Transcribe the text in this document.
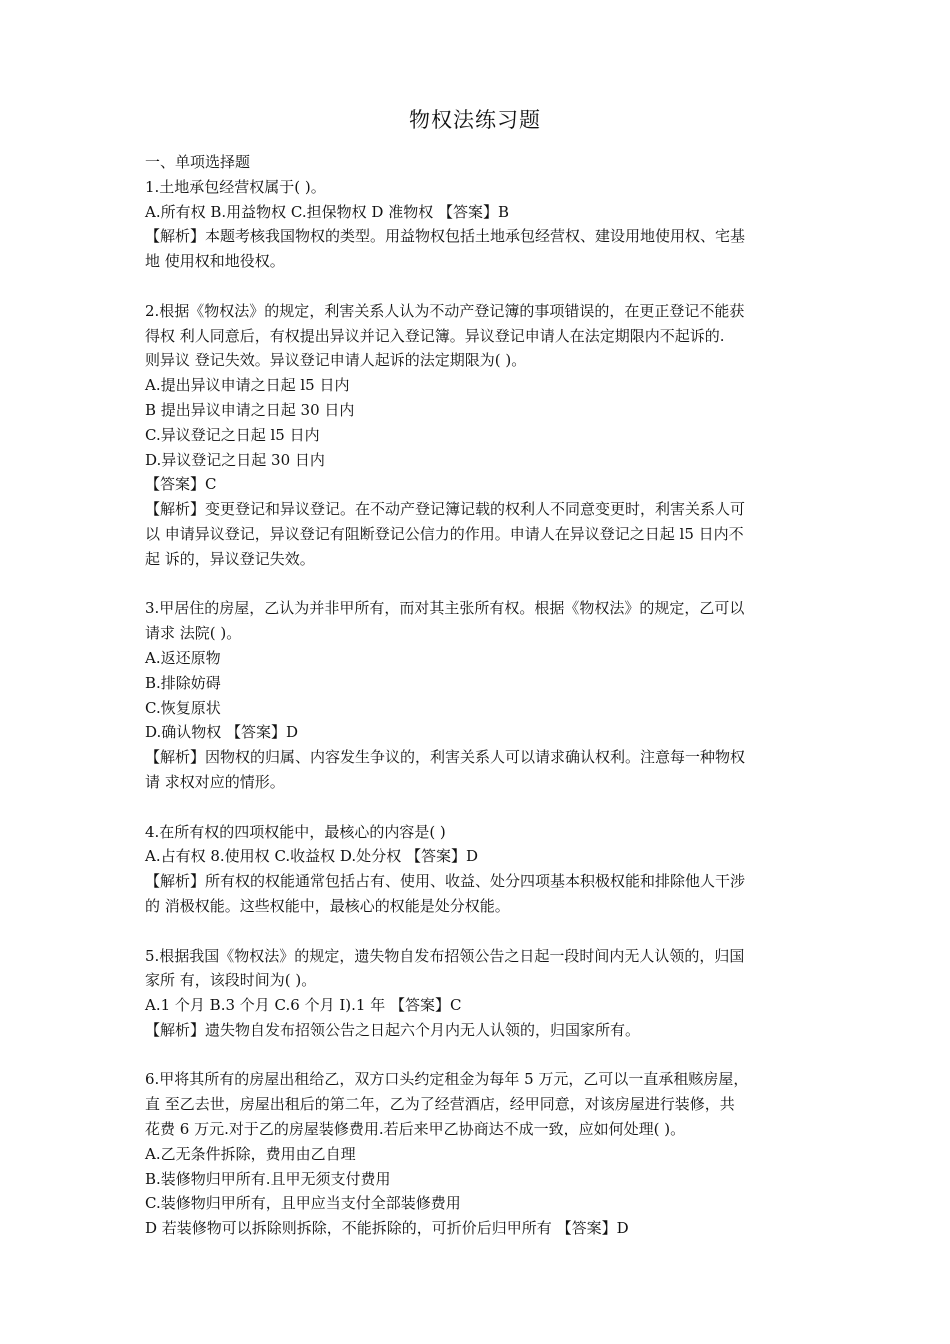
物权法练习题
一、单项选择题
1.土地承包经营权属于( )。
A.所有权 B.用益物权 C.担保物权 D 准物权 【答案】B
【解析】本题考核我国物权的类型。用益物权包括土地承包经营权、建设用地使用权、宅基
地 使用权和地役权。
2.根据《物权法》的规定，利害关系人认为不动产登记簿的事项错误的，在更正登记不能获
得权 利人同意后，有权提出异议并记入登记簿。异议登记申请人在法定期限内不起诉的.
则异议 登记失效。异议登记申请人起诉的法定期限为( )。
A.提出异议申请之日起 l5 日内
B 提出异议申请之日起 30 日内
C.异议登记之日起 l5 日内
D.异议登记之日起 30 日内
【答案】C
【解析】变更登记和异议登记。在不动产登记簿记载的权利人不同意变更时，利害关系人可
以 申请异议登记，异议登记有阻断登记公信力的作用。申请人在异议登记之日起 l5 日内不
起 诉的，异议登记失效。
3.甲居住的房屋，乙认为并非甲所有，而对其主张所有权。根据《物权法》的规定，乙可以
请求 法院( )。
A.返还原物
B.排除妨碍
C.恢复原状
D.确认物权 【答案】D
【解析】因物权的归属、内容发生争议的，利害关系人可以请求确认权利。注意每一种物权
请 求权对应的情形。
4.在所有权的四项权能中，最核心的内容是( )
A.占有权 8.使用权 C.收益权 D.处分权 【答案】D
【解析】所有权的权能通常包括占有、使用、收益、处分四项基本积极权能和排除他人干涉
的 消极权能。这些权能中，最核心的权能是处分权能。
5.根据我国《物权法》的规定，遗失物自发布招领公告之日起一段时间内无人认领的，归国
家所 有，该段时间为( )。
A.1 个月 B.3 个月 C.6 个月 I).1 年 【答案】C
【解析】遗失物自发布招领公告之日起六个月内无人认领的，归国家所有。
6.甲将其所有的房屋出租给乙，双方口头约定租金为每年 5 万元，乙可以一直承租赅房屋，
直 至乙去世，房屋出租后的第二年，乙为了经营酒店，经甲同意，对该房屋进行装修，共
花费 6 万元.对于乙的房屋装修费用.若后来甲乙协商达不成一致，应如何处理( )。
A.乙无条件拆除，费用由乙自理
B.装修物归甲所有.且甲无须支付费用
C.装修物归甲所有，且甲应当支付全部装修费用
D 若装修物可以拆除则拆除，不能拆除的，可折价后归甲所有 【答案】D
